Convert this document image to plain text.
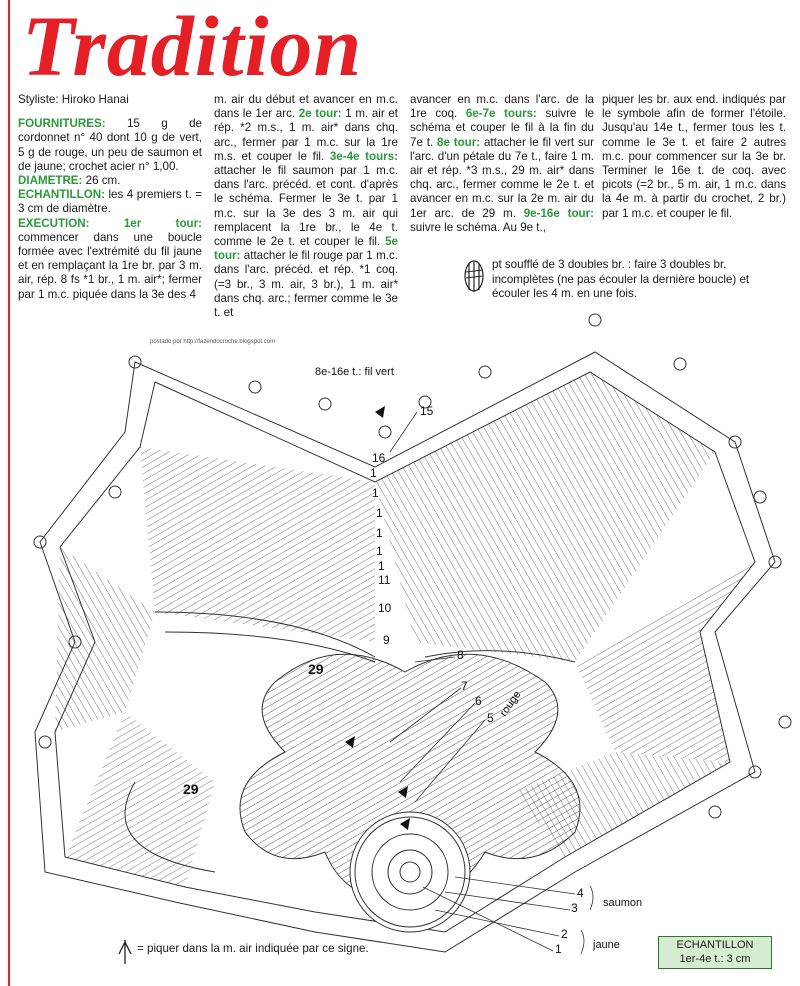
Tradition
Styliste: Hiroko Hanai
FOURNITURES: 15 g de cordonnet n° 40 dont 10 g de vert, 5 g de rouge, un peu de saumon et de jaune; crochet acier n° 1,00.
DIAMETRE: 26 cm.
ECHANTILLON: les 4 premiers t. = 3 cm de diamètre.
EXECUTION: 1er tour: commencer dans une boucle formée avec l'extrémité du fil jaune et en remplaçant la 1re br. par 3 m. air, rép. 8 fs *1 br., 1 m. air*; fermer par 1 m.c. piquée dans la 3e des 4
m. air du début et avancer en m.c. dans le 1er arc. 2e tour: 1 m. air et rép. *2 m.s., 1 m. air* dans chq. arc., fermer par 1 m.c. sur la 1re m.s. et couper le fil. 3e-4e tours: attacher le fil saumon par 1 m.c. dans l'arc. précéd. et cont. d'après le schéma. Fermer le 3e t. par 1 m.c. sur la 3e des 3 m. air qui remplacent la 1re br., le 4e t. comme le 2e t. et couper le fil. 5e tour: attacher le fil rouge par 1 m.c. dans l'arc. précéd. et rép. *1 coq. (=3 br., 3 m. air, 3 br.), 1 m. air* dans chq. arc.; fermer comme le 3e t. et
avancer en m.c. dans l'arc. de la 1re coq. 6e-7e tours: suivre le schéma et couper le fil à la fin du 7e t. 8e tour: attacher le fil vert sur l'arc. d'un pétale du 7e t., faire 1 m. air et rép. *3 m.s., 29 m. air* dans chq. arc., fermer comme le 2e t. et avancer en m.c. sur la 2e m. air du 1er arc. de 29 m. 9e-16e tour: suivre le schéma. Au 9e t.,
piquer les br. aux end. indiqués par le symbole afin de former l'étoile. Jusqu'au 14e t., fermer tous les t. comme le 3e t. et faire 2 autres m.c. pour commencer sur la 3e br. Terminer le 16e t. de coq. avec picots (=2 br., 5 m. air, 1 m.c. dans la 4e m. à partir du crochet, 2 br.) par 1 m.c. et couper le fil.
pt soufflé de 3 doubles br. : faire 3 doubles br. incomplètes (ne pas écouler la dernière boucle) et écouler les 4 m. en une fois.
postado por http://fazendocroche.blogspot.com
15
16
11
10
9
8
7
6
5
4
3
2
1
1
1
1
1
1
1
29
29
8e-16e t.: fil vert
rouge
saumon
jaune
= piquer dans la m. air indiquée par ce signe.	ECHANTILLON
1er-4e t.: 3 cm
